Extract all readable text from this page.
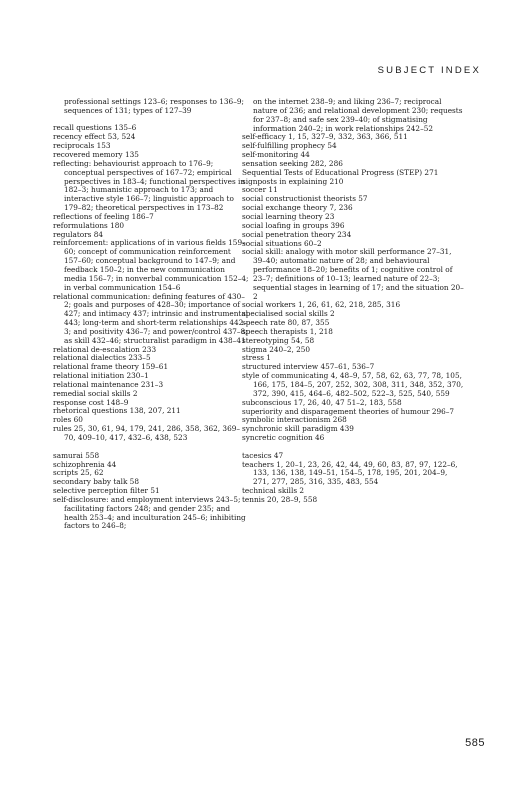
SUBJECT INDEX
professional settings 123–6; responses to 136–9; sequences of 131; types of 127–39
recall questions 135–6
recency effect 53, 524
reciprocals 153
recovered memory 135
reflecting: behaviourist approach to 176–9; conceptual perspectives of 167–72; empirical perspectives in 183–4; functional perspectives in 182–3; humanistic approach to 173; and interactive style 166–7; linguistic approach to 179–82; theoretical perspectives in 173–82
reflections of feeling 186–7
reformulations 180
regulators 84
reinforcement: applications of in various fields 159–60; concept of communication reinforcement 157–60; conceptual background to 147–9; and feedback 150–2; in the new communication media 156–7; in nonverbal communication 152–4; in verbal communication 154–6
relational communication: defining features of 430–2; goals and purposes of 428–30; importance of 427; and intimacy 437; intrinsic and instrumental 443; long-term and short-term relationships 442–3; and positivity 436–7; and power/control 437–8; as skill 432–46; structuralist paradigm in 438–41
relational de-escalation 233
relational dialectics 233–5
relational frame theory 159–61
relational initiation 230–1
relational maintenance 231–3
remedial social skills 2
response cost 148–9
rhetorical questions 138, 207, 211
roles 60
rules 25, 30, 61, 94, 179, 241, 286, 358, 362, 369–70, 409–10, 417, 432–6, 438, 523
samurai 558
schizophrenia 44
scripts 25, 62
secondary baby talk 58
selective perception filter 51
self-disclosure: and employment interviews 243–5; facilitating factors 248; and gender 235; and health 253–4; and inculturation 245–6; inhibiting factors to 246–8;
on the internet 238–9; and liking 236–7; reciprocal nature of 236; and relational development 230; requests for 237–8; and safe sex 239–40; of stigmatising information 240–2; in work relationships 242–52
self-efficacy 1, 15, 327–9, 332, 363, 366, 511
self-fulfilling prophecy 54
self-monitoring 44
sensation seeking 282, 286
Sequential Tests of Educational Progress (STEP) 271
signposts in explaining 210
soccer 11
social constructionist theorists 57
social exchange theory 7, 236
social learning theory 23
social loafing in groups 396
social penetration theory 234
social situations 60–2
social skill: analogy with motor skill performance 27–31, 39–40; automatic nature of 28; and behavioural performance 18–20; benefits of 1; cognitive control of 23–7; definitions of 10–13; learned nature of 22–3; sequential stages in learning of 17; and the situation 20–2
social workers 1, 26, 61, 62, 218, 285, 316
specialised social skills 2
speech rate 80, 87, 355
speech therapists 1, 218
stereotyping 54, 58
stigma 240–2, 250
stress 1
structured interview 457–61, 536–7
style of communicating 4, 48–9, 57, 58, 62, 63, 77, 78, 105, 166, 175, 184–5, 207, 252, 302, 308, 311, 348, 352, 370, 372, 390, 415, 464–6, 482–502, 522–3, 525, 540, 559
subconscious 17, 26, 40, 47 51–2, 183, 558
superiority and disparagement theories of humour 296–7
symbolic interactionism 268
synchronic skill paradigm 439
syncretic cognition 46
tacesics 47
teachers 1, 20–1, 23, 26, 42, 44, 49, 60, 83, 87, 97, 122–6, 133, 136, 138, 149–51, 154–5, 178, 195, 201, 204–9, 271, 277, 285, 316, 335, 483, 554
technical skills 2
tennis 20, 28–9, 558
585
